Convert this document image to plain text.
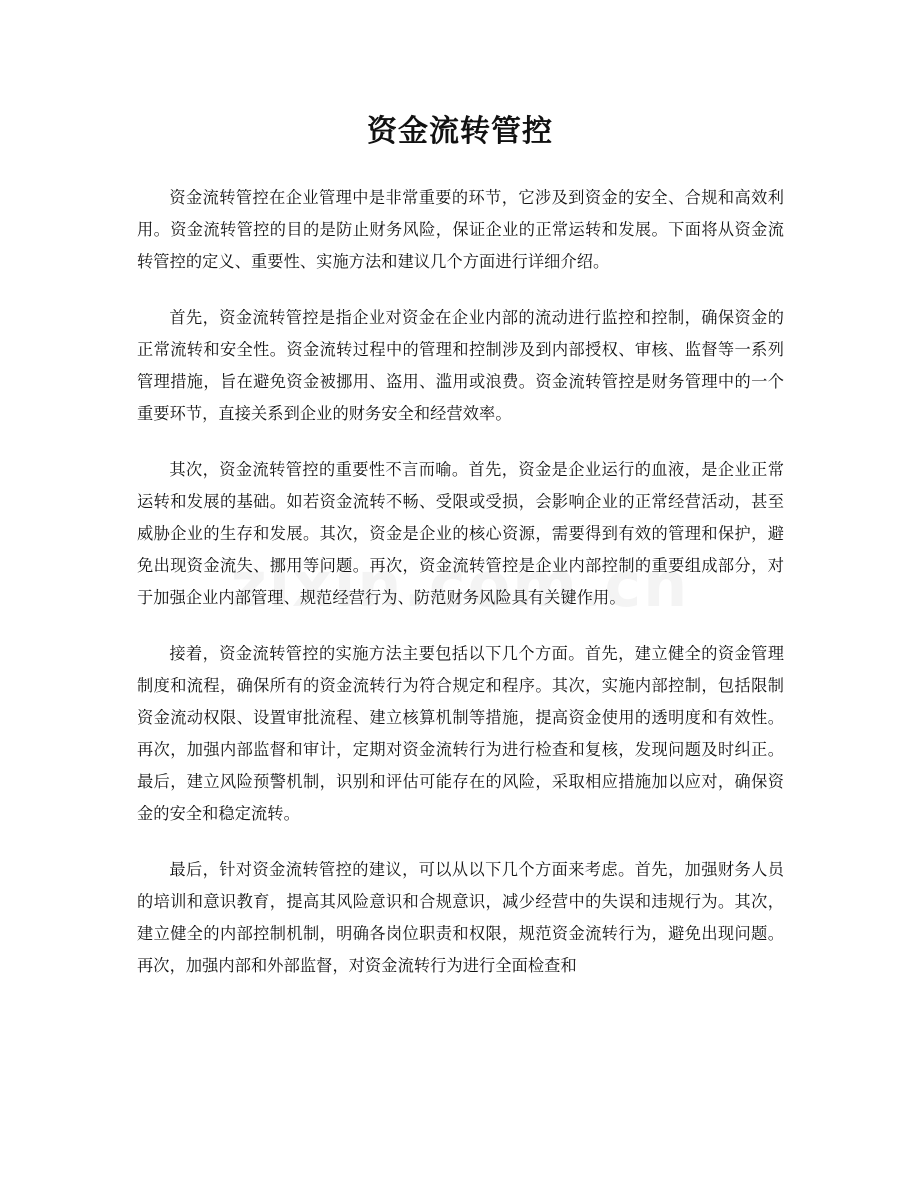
资金流转管控

资金流转管控在企业管理中是非常重要的环节，它涉及到资金的安全、合规和高效利用。资金流转管控的目的是防止财务风险，保证企业的正常运转和发展。下面将从资金流转管控的定义、重要性、实施方法和建议几个方面进行详细介绍。

首先，资金流转管控是指企业对资金在企业内部的流动进行监控和控制，确保资金的正常流转和安全性。资金流转过程中的管理和控制涉及到内部授权、审核、监督等一系列管理措施，旨在避免资金被挪用、盗用、滥用或浪费。资金流转管控是财务管理中的一个重要环节，直接关系到企业的财务安全和经营效率。

其次，资金流转管控的重要性不言而喻。首先，资金是企业运行的血液，是企业正常运转和发展的基础。如若资金流转不畅、受限或受损，会影响企业的正常经营活动，甚至威胁企业的生存和发展。其次，资金是企业的核心资源，需要得到有效的管理和保护，避免出现资金流失、挪用等问题。再次，资金流转管控是企业内部控制的重要组成部分，对于加强企业内部管理、规范经营行为、防范财务风险具有关键作用。

接着，资金流转管控的实施方法主要包括以下几个方面。首先，建立健全的资金管理制度和流程，确保所有的资金流转行为符合规定和程序。其次，实施内部控制，包括限制资金流动权限、设置审批流程、建立核算机制等措施，提高资金使用的透明度和有效性。再次，加强内部监督和审计，定期对资金流转行为进行检查和复核，发现问题及时纠正。最后，建立风险预警机制，识别和评估可能存在的风险，采取相应措施加以应对，确保资金的安全和稳定流转。

最后，针对资金流转管控的建议，可以从以下几个方面来考虑。首先，加强财务人员的培训和意识教育，提高其风险意识和合规意识，减少经营中的失误和违规行为。其次，建立健全的内部控制机制，明确各岗位职责和权限，规范资金流转行为，避免出现问题。再次，加强内部和外部监督，对资金流转行为进行全面检查和
